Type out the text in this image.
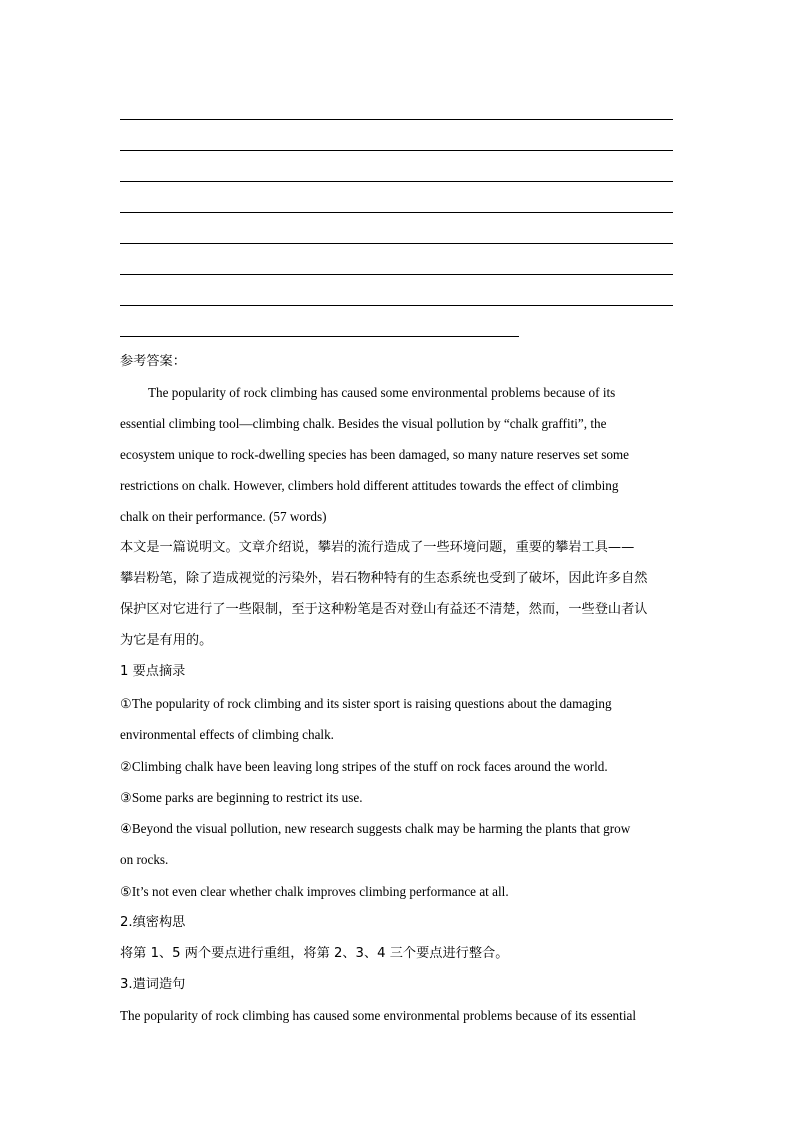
参考答案：
The popularity of rock climbing has caused some environmental problems because of its
essential climbing tool—climbing chalk. Besides the visual pollution by “chalk graffiti”, the
ecosystem unique to rock-dwelling species has been damaged, so many nature reserves set some
restrictions on chalk. However, climbers hold different attitudes towards the effect of climbing
chalk on their performance. (57 words)
本文是一篇说明文。文章介绍说，攀岩的流行造成了一些环境问题，重要的攀岩工具——
攀岩粉笔，除了造成视觉的污染外，岩石物种特有的生态系统也受到了破坏，因此许多自然
保护区对它进行了一些限制，至于这种粉笔是否对登山有益还不清楚，然而，一些登山者认
为它是有用的。
1 要点摘录
①The popularity of rock climbing and its sister sport is raising questions about the damaging
environmental effects of climbing chalk.
②Climbing chalk have been leaving long stripes of the stuff on rock faces around the world.
③Some parks are beginning to restrict its use.
④Beyond the visual pollution, new research suggests chalk may be harming the plants that grow
on rocks.
⑤It’s not even clear whether chalk improves climbing performance at all.
2.缜密构思
将第 1、5 两个要点进行重组，将第 2、3、4 三个要点进行整合。
3.遣词造句
The popularity of rock climbing has caused some environmental problems because of its essential
